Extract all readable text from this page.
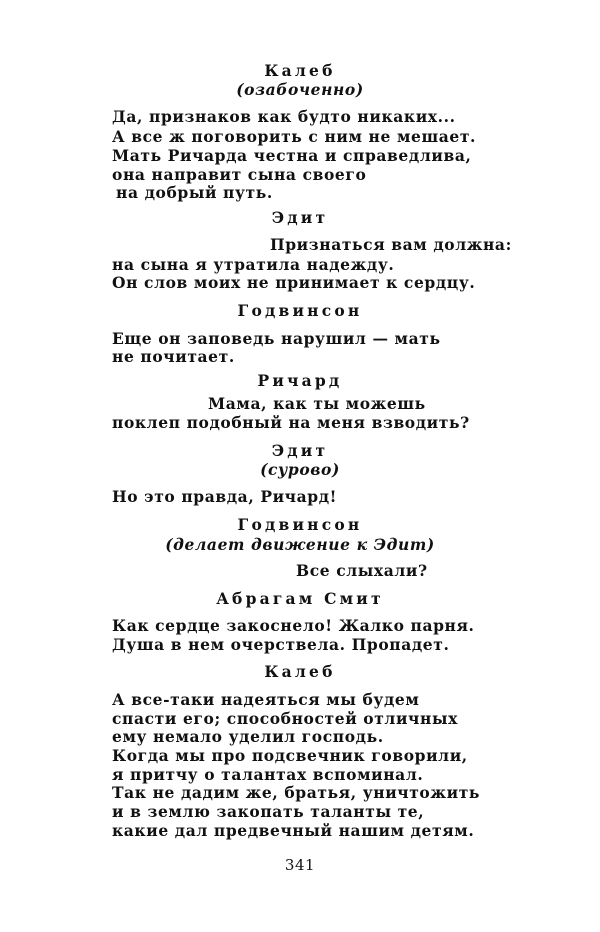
Калеб
(озабоченно)
Да, признаков как будто никаких...
А все ж поговорить с ним не мешает.
Мать Ричарда честна и справедлива,
она направит сына своего
на добрый путь.
Эдит
Признаться вам должна:
на сына я утратила надежду.
Он слов моих не принимает к сердцу.
Годвинсон
Еще он заповедь нарушил — мать
не почитает.
Ричард
Мама, как ты можешь
поклеп подобный на меня взводить?
Эдит
(сурово)
Но это правда, Ричард!
Годвинсон
(делает движение к Эдит)
Все слыхали?
Абрагам Смит
Как сердце закоснело! Жалко парня.
Душа в нем очерствела. Пропадет.
Калеб
А все-таки надеяться мы будем
спасти его; способностей отличных
ему немало уделил господь.
Когда мы про подсвечник говорили,
я притчу о талантах вспоминал.
Так не дадим же, братья, уничтожить
и в землю закопать таланты те,
какие дал предвечный нашим детям.
341
